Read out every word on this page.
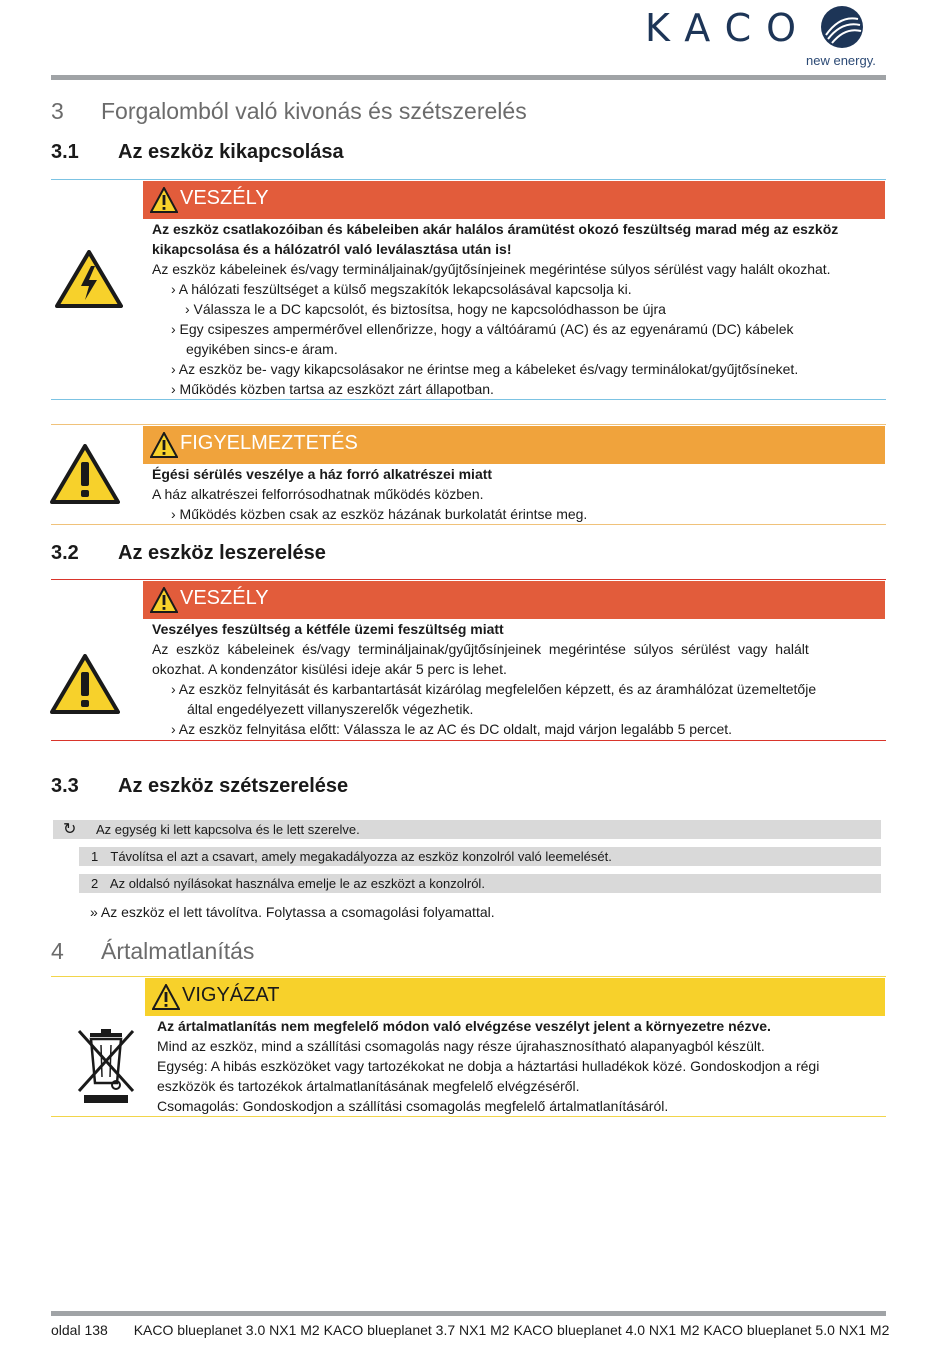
KACO
new energy.
3 Forgalomból való kivonás és szétszerelés
3.1 Az eszköz kikapcsolása
VESZÉLY
Az eszköz csatlakozóiban és kábeleiben akár halálos áramütést okozó feszültség marad még az eszköz
kikapcsolása és a hálózatról való leválasztása után is!
Az eszköz kábeleinek és/vagy termináljainak/gyűjtősínjeinek megérintése súlyos sérülést vagy halált okozhat.
› A hálózati feszültséget a külső megszakítók lekapcsolásával kapcsolja ki.
› Válassza le a DC kapcsolót, és biztosítsa, hogy ne kapcsolódhasson be újra
› Egy csipeszes ampermérővel ellenőrizze, hogy a váltóáramú (AC) és az egyenáramú (DC) kábelek
egyikében sincs-e áram.
› Az eszköz be- vagy kikapcsolásakor ne érintse meg a kábeleket és/vagy terminálokat/gyűjtősíneket.
› Működés közben tartsa az eszközt zárt állapotban.
FIGYELMEZTETÉS
Égési sérülés veszélye a ház forró alkatrészei miatt
A ház alkatrészei felforrósodhatnak működés közben.
› Működés közben csak az eszköz házának burkolatát érintse meg.
3.2 Az eszköz leszerelése
VESZÉLY
Veszélyes feszültség a kétféle üzemi feszültség miatt
Az  eszköz  kábeleinek  és/vagy  termináljainak/gyűjtősínjeinek  megérintése  súlyos  sérülést  vagy  halált
okozhat. A kondenzátor kisülési ideje akár 5 perc is lehet.
› Az eszköz felnyitását és karbantartását kizárólag megfelelően képzett, és az áramhálózat üzemeltetője
által engedélyezett villanyszerelők végezhetik.
› Az eszköz felnyitása előtt: Válassza le az AC és DC oldalt, majd várjon legalább 5 percet.
3.3 Az eszköz szétszerelése
↻ Az egység ki lett kapcsolva és le lett szerelve.
1 Távolítsa el azt a csavart, amely megakadályozza az eszköz konzolról való leemelését.
2 Az oldalsó nyílásokat használva emelje le az eszközt a konzolról.
» Az eszköz el lett távolítva. Folytassa a csomagolási folyamattal.
4 Ártalmatlanítás
VIGYÁZAT
Az ártalmatlanítás nem megfelelő módon való elvégzése veszélyt jelent a környezetre nézve.
Mind az eszköz, mind a szállítási csomagolás nagy része újrahasznosítható alapanyagból készült.
Egység: A hibás eszközöket vagy tartozékokat ne dobja a háztartási hulladékok közé. Gondoskodjon a régi
eszközök és tartozékok ártalmatlanításának megfelelő elvégzéséről.
Csomagolás: Gondoskodjon a szállítási csomagolás megfelelő ártalmatlanításáról.
oldal 138 KACO blueplanet 3.0 NX1 M2 KACO blueplanet 3.7 NX1 M2 KACO blueplanet 4.0 NX1 M2 KACO blueplanet 5.0 NX1 M2
